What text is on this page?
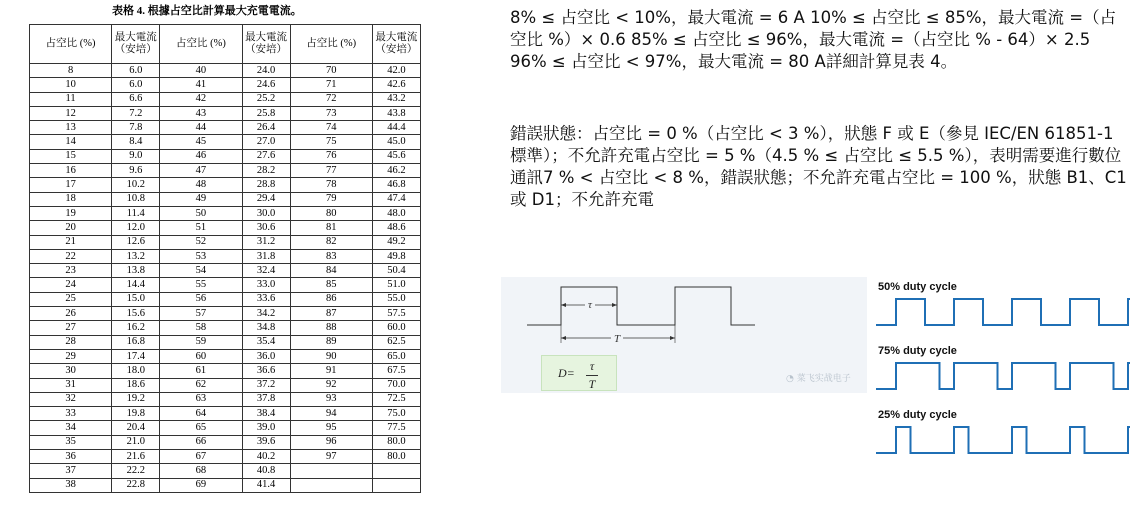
表格 4. 根據占空比計算最大充電電流。
占空比 (%)	最大電流（安培）	占空比 (%)	最大電流（安培）	占空比 (%)	最大電流（安培）
8	6.0	40	24.0	70	42.0
10	6.0	41	24.6	71	42.6
11	6.6	42	25.2	72	43.2
12	7.2	43	25.8	73	43.8
13	7.8	44	26.4	74	44.4
14	8.4	45	27.0	75	45.0
15	9.0	46	27.6	76	45.6
16	9.6	47	28.2	77	46.2
17	10.2	48	28.8	78	46.8
18	10.8	49	29.4	79	47.4
19	11.4	50	30.0	80	48.0
20	12.0	51	30.6	81	48.6
21	12.6	52	31.2	82	49.2
22	13.2	53	31.8	83	49.8
23	13.8	54	32.4	84	50.4
24	14.4	55	33.0	85	51.0
25	15.0	56	33.6	86	55.0
26	15.6	57	34.2	87	57.5
27	16.2	58	34.8	88	60.0
28	16.8	59	35.4	89	62.5
29	17.4	60	36.0	90	65.0
30	18.0	61	36.6	91	67.5
31	18.6	62	37.2	92	70.0
32	19.2	63	37.8	93	72.5
33	19.8	64	38.4	94	75.0
34	20.4	65	39.0	95	77.5
35	21.0	66	39.6	96	80.0
36	21.6	67	40.2	97	80.0
37	22.2	68	40.8		
38	22.8	69	41.4		
8% ≤ 占空比 < 10%，最大電流 = 6 A 10% ≤ 占空比 ≤ 85%，最大電流 =（占空比 %）× 0.6 85% ≤ 占空比 ≤ 96%，最大電流 =（占空比 % - 64）× 2.5 96% ≤ 占空比 < 97%，最大電流 = 80 A詳細計算見表 4。
錯誤狀態：占空比 = 0 %（占空比 < 3 %），狀態 F 或 E（參見 IEC/EN 61851-1 標準）；不允許充電占空比 = 5 %（4.5 % ≤ 占空比 ≤ 5.5 %），表明需要進行數位通訊7 % < 占空比 < 8 %，錯誤狀態；不允許充電占空比 = 100 %，狀態 B1、C1 或 D1；不允許充電
τ
T
D=	τ
T	◔ 菜飞实战电子
50% duty cycle
75% duty cycle
25% duty cycle
